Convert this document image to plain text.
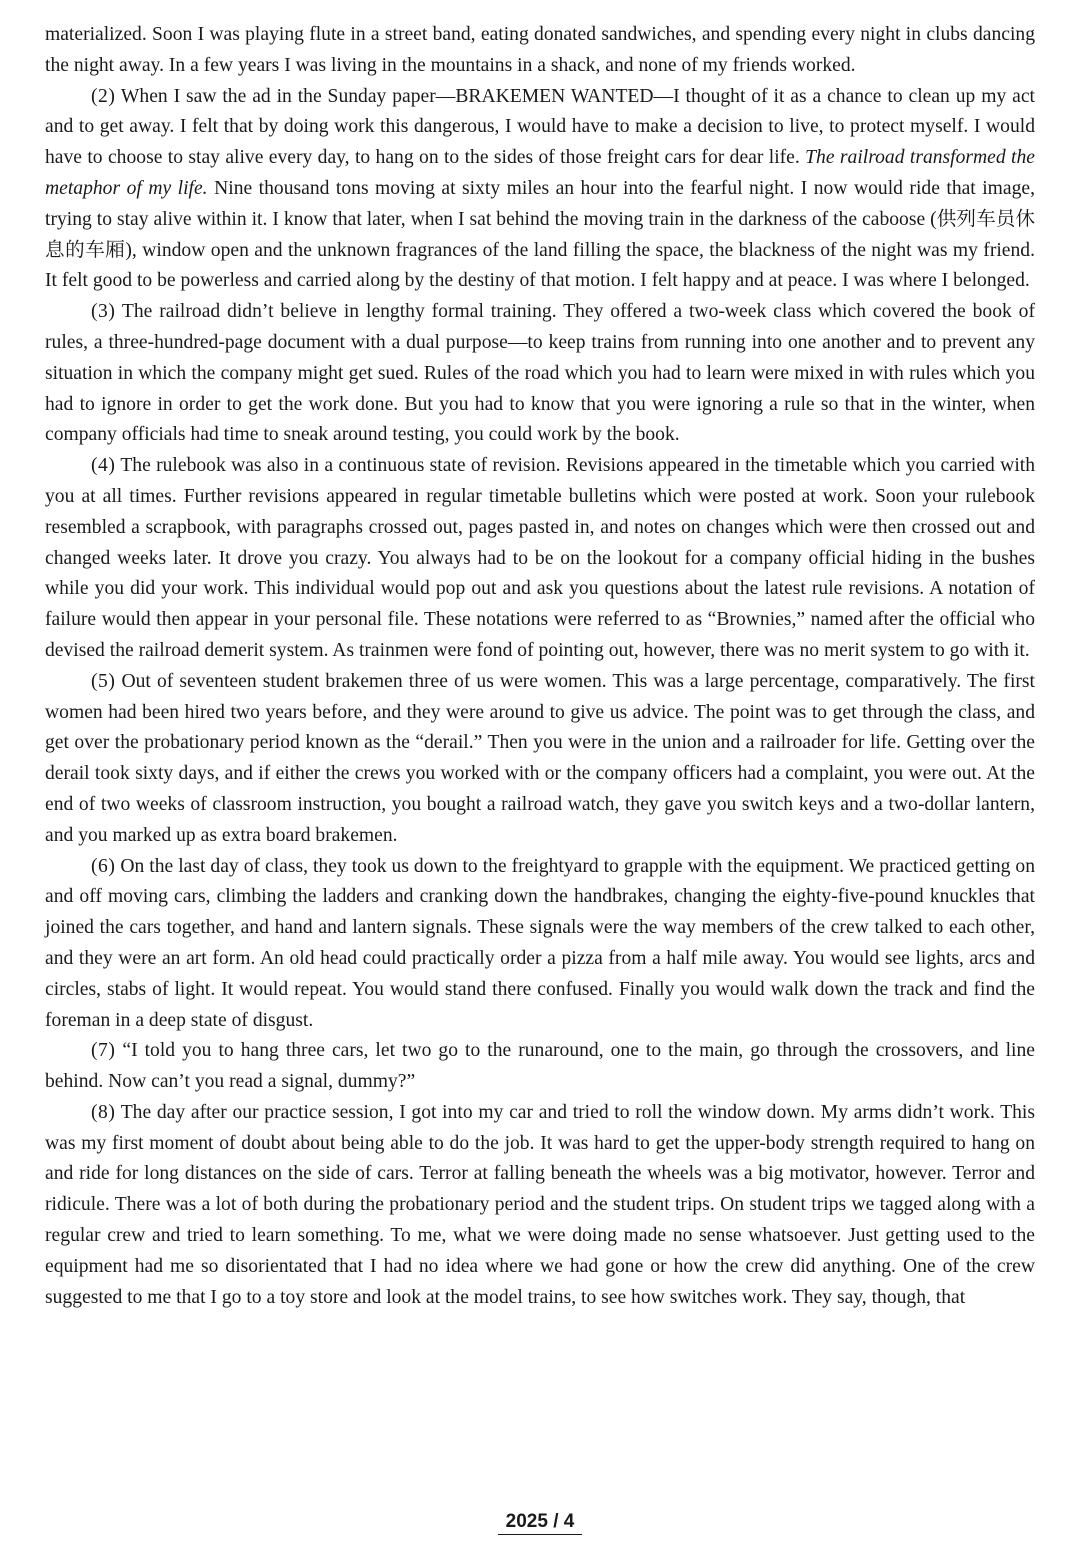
materialized. Soon I was playing flute in a street band, eating donated sandwiches, and spending every night in clubs dancing the night away. In a few years I was living in the mountains in a shack, and none of my friends worked.

(2) When I saw the ad in the Sunday paper—BRAKEMEN WANTED—I thought of it as a chance to clean up my act and to get away. I felt that by doing work this dangerous, I would have to make a decision to live, to protect myself. I would have to choose to stay alive every day, to hang on to the sides of those freight cars for dear life. The railroad transformed the metaphor of my life. Nine thousand tons moving at sixty miles an hour into the fearful night. I now would ride that image, trying to stay alive within it. I know that later, when I sat behind the moving train in the darkness of the caboose (供列车员休息的车厢), window open and the unknown fragrances of the land filling the space, the blackness of the night was my friend. It felt good to be powerless and carried along by the destiny of that motion. I felt happy and at peace. I was where I belonged.

(3) The railroad didn’t believe in lengthy formal training. They offered a two-week class which covered the book of rules, a three-hundred-page document with a dual purpose—to keep trains from running into one another and to prevent any situation in which the company might get sued. Rules of the road which you had to learn were mixed in with rules which you had to ignore in order to get the work done. But you had to know that you were ignoring a rule so that in the winter, when company officials had time to sneak around testing, you could work by the book.

(4) The rulebook was also in a continuous state of revision. Revisions appeared in the timetable which you carried with you at all times. Further revisions appeared in regular timetable bulletins which were posted at work. Soon your rulebook resembled a scrapbook, with paragraphs crossed out, pages pasted in, and notes on changes which were then crossed out and changed weeks later. It drove you crazy. You always had to be on the lookout for a company official hiding in the bushes while you did your work. This individual would pop out and ask you questions about the latest rule revisions. A notation of failure would then appear in your personal file. These notations were referred to as “Brownies,” named after the official who devised the railroad demerit system. As trainmen were fond of pointing out, however, there was no merit system to go with it.

(5) Out of seventeen student brakemen three of us were women. This was a large percentage, comparatively. The first women had been hired two years before, and they were around to give us advice. The point was to get through the class, and get over the probationary period known as the “derail.” Then you were in the union and a railroader for life. Getting over the derail took sixty days, and if either the crews you worked with or the company officers had a complaint, you were out. At the end of two weeks of classroom instruction, you bought a railroad watch, they gave you switch keys and a two-dollar lantern, and you marked up as extra board brakemen.

(6) On the last day of class, they took us down to the freightyard to grapple with the equipment. We practiced getting on and off moving cars, climbing the ladders and cranking down the handbrakes, changing the eighty-five-pound knuckles that joined the cars together, and hand and lantern signals. These signals were the way members of the crew talked to each other, and they were an art form. An old head could practically order a pizza from a half mile away. You would see lights, arcs and circles, stabs of light. It would repeat. You would stand there confused. Finally you would walk down the track and find the foreman in a deep state of disgust.

(7) “I told you to hang three cars, let two go to the runaround, one to the main, go through the crossovers, and line behind. Now can’t you read a signal, dummy?”

(8) The day after our practice session, I got into my car and tried to roll the window down. My arms didn’t work. This was my first moment of doubt about being able to do the job. It was hard to get the upper-body strength required to hang on and ride for long distances on the side of cars. Terror at falling beneath the wheels was a big motivator, however. Terror and ridicule. There was a lot of both during the probationary period and the student trips. On student trips we tagged along with a regular crew and tried to learn something. To me, what we were doing made no sense whatsoever. Just getting used to the equipment had me so disorientated that I had no idea where we had gone or how the crew did anything. One of the crew suggested to me that I go to a toy store and look at the model trains, to see how switches work. They say, though, that

2025 / 4
